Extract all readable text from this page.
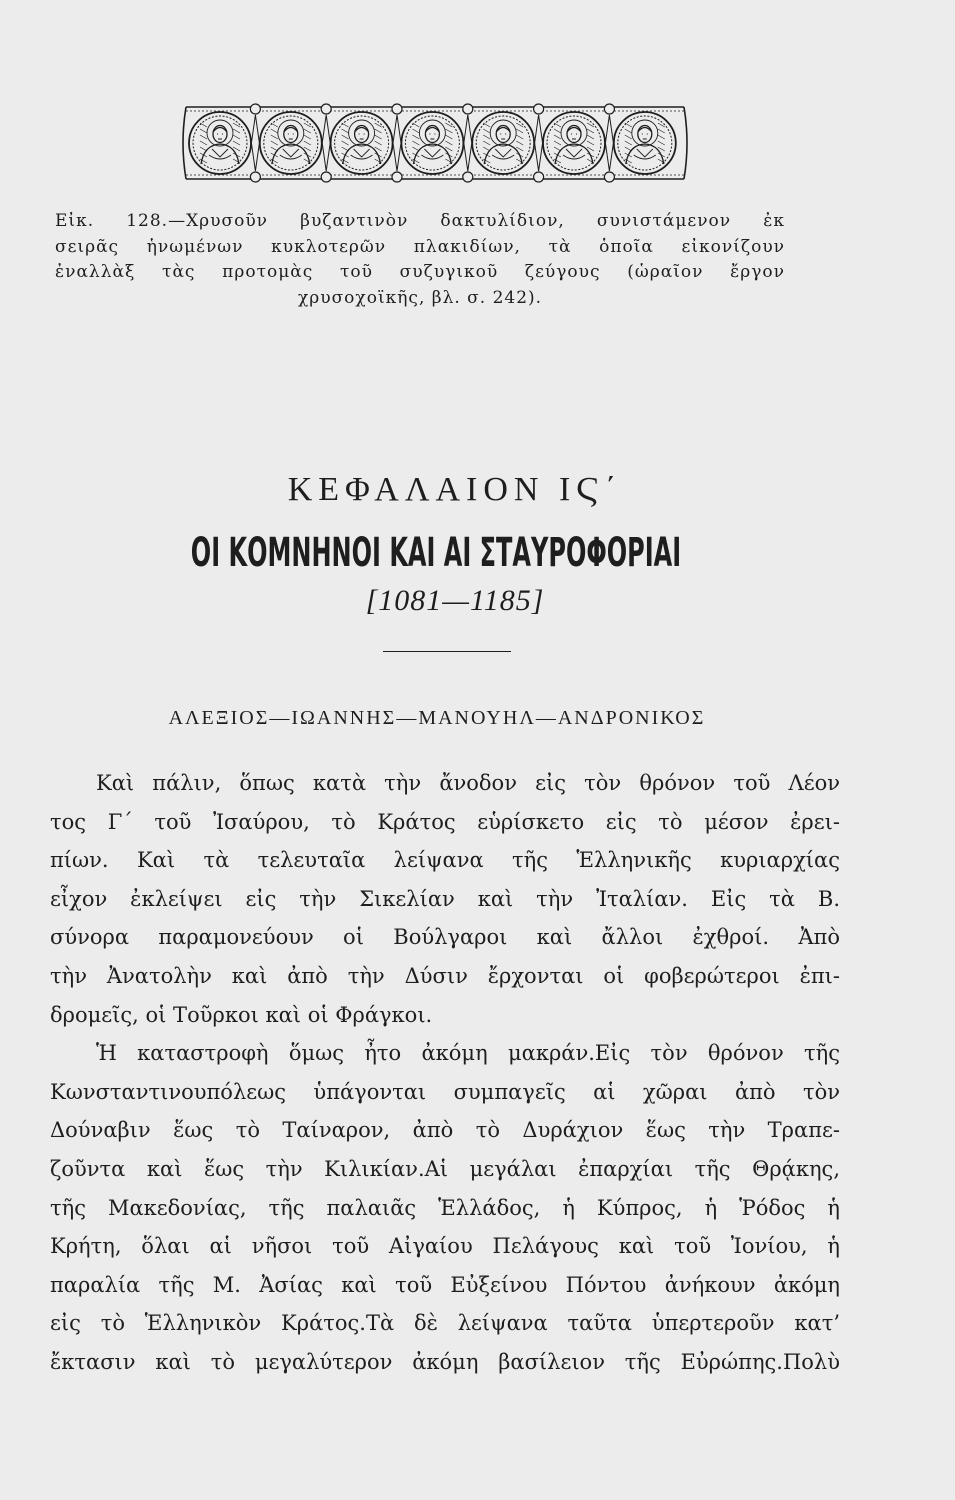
Εἰκ. 128.—Χρυσοῦν βυζαντινὸν δακτυλίδιον, συνιστάμενον ἐκ
σειρᾶς ἡνωμένων κυκλοτερῶν πλακιδίων, τὰ ὁποῖα εἰκονίζουν
ἐναλλὰξ τὰς προτομὰς τοῦ συζυγικοῦ ζεύγους (ὡραῖον ἔργον
χρυσοχοϊκῆς, βλ. σ. 242).
ΚΕΦΑΛΑΙΟΝ ΙϚ΄
ΟΙ ΚΟΜΝΗΝΟΙ ΚΑΙ ΑΙ ΣΤΑΥΡΟΦΟΡΙΑΙ
[1081—1185]
ΑΛΕΞΙΟΣ—ΙΩΑΝΝΗΣ—ΜΑΝΟΥΗΛ—ΑΝΔΡΟΝΙΚΟΣ
Καὶ πάλιν, ὅπως κατὰ τὴν ἄνοδον εἰς τὸν θρόνον τοῦ Λέον
τος Γ΄ τοῦ Ἰσαύρου, τὸ Κράτος εὑρίσκετο εἰς τὸ μέσον ἐρει-
πίων. Καὶ τὰ τελευταῖα λείψανα τῆς Ἑλληνικῆς κυριαρχίας
εἶχον ἐκλείψει εἰς τὴν Σικελίαν καὶ τὴν Ἰταλίαν. Εἰς τὰ Β.
σύνορα παραμονεύουν οἱ Βούλγαροι καὶ ἄλλοι ἐχθροί. Ἀπὸ
τὴν Ἀνατολὴν καὶ ἀπὸ τὴν Δύσιν ἔρχονται οἱ φοβερώτεροι ἐπι-
δρομεῖς, οἱ Τοῦρκοι καὶ οἱ Φράγκοι.
Ἡ καταστροφὴ ὅμως ἦτο ἀκόμη μακράν.Εἰς τὸν θρόνον τῆς
Κωνσταντινουπόλεως ὑπάγονται συμπαγεῖς αἱ χῶραι ἀπὸ τὸν
Δούναβιν ἕως τὸ Ταίναρον, ἀπὸ τὸ Δυράχιον ἕως τὴν Τραπε-
ζοῦντα καὶ ἕως τὴν Κιλικίαν.Αἱ μεγάλαι ἐπαρχίαι τῆς Θρᾴκης,
τῆς Μακεδονίας, τῆς παλαιᾶς Ἑλλάδος, ἡ Κύπρος, ἡ Ῥόδος ἡ
Κρήτη, ὅλαι αἱ νῆσοι τοῦ Αἰγαίου Πελάγους καὶ τοῦ Ἰονίου, ἡ
παραλία τῆς Μ. Ἀσίας καὶ τοῦ Εὐξείνου Πόντου ἀνήκουν ἀκόμη
εἰς τὸ Ἑλληνικὸν Κράτος.Τὰ δὲ λείψανα ταῦτα ὑπερτεροῦν κατ’
ἔκτασιν καὶ τὸ μεγαλύτερον ἀκόμη βασίλειον τῆς Εὐρώπης.Πολὺ
